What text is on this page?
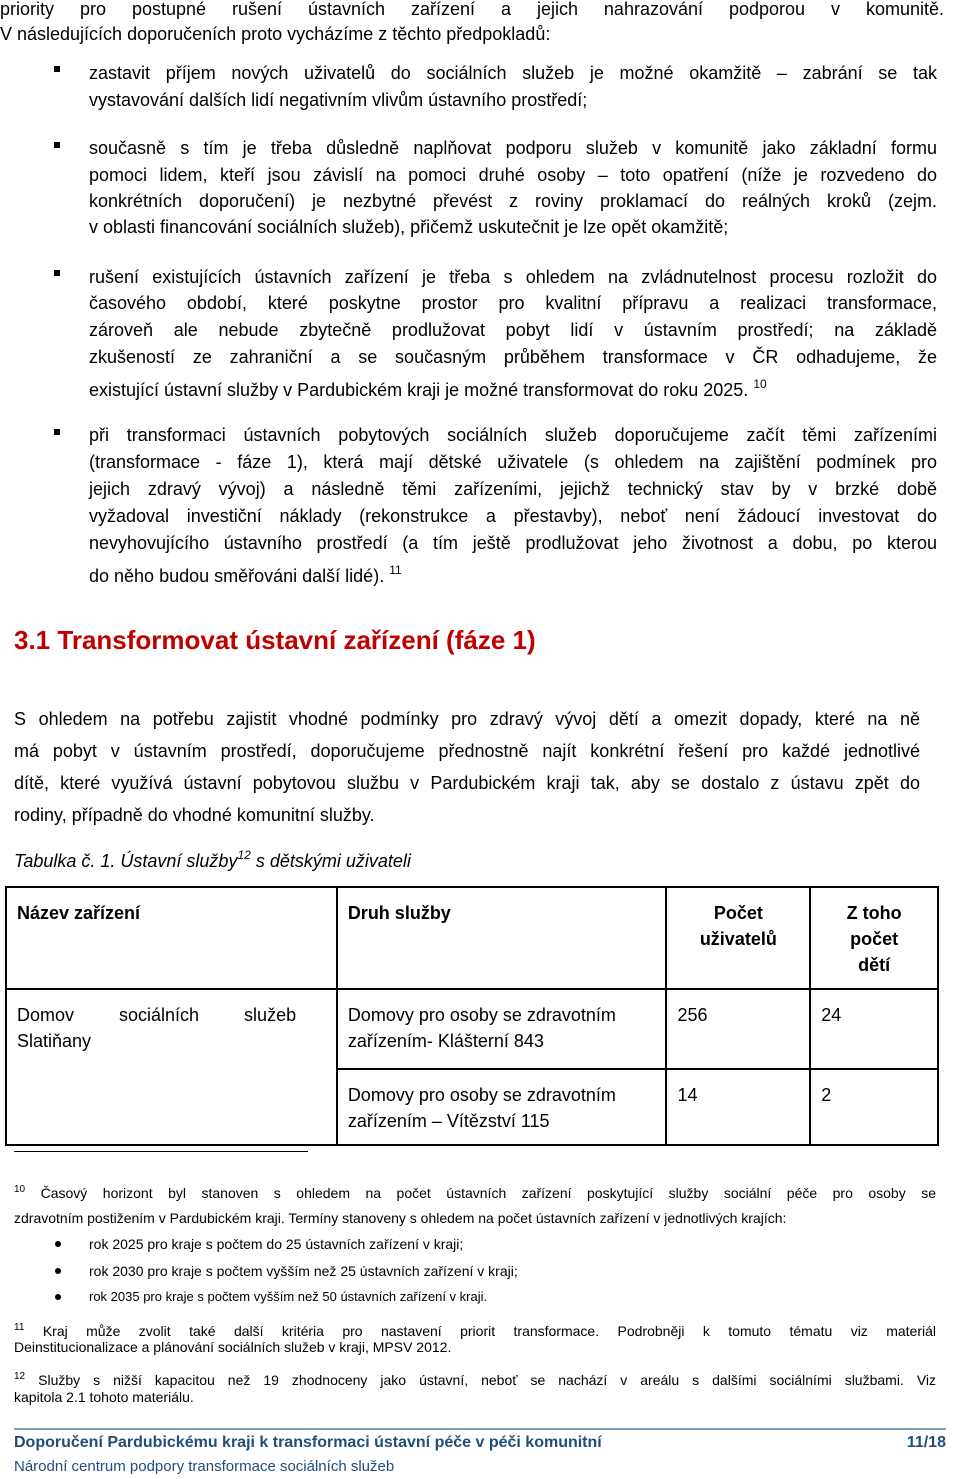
priority pro postupné rušení ústavních zařízení a jejich nahrazování podporou v komunitě.
V následujících doporučeních proto vycházíme z těchto předpokladů:
zastavit příjem nových uživatelů do sociálních služeb je možné okamžitě – zabrání se tak
vystavování dalších lidí negativním vlivům ústavního prostředí;
současně s tím je třeba důsledně naplňovat podporu služeb v komunitě jako základní formu
pomoci lidem, kteří jsou závislí na pomoci druhé osoby – toto opatření (níže je rozvedeno do
konkrétních doporučení) je nezbytné převést z roviny proklamací do reálných kroků (zejm.
v oblasti financování sociálních služeb), přičemž uskutečnit je lze opět okamžitě;
rušení existujících ústavních zařízení je třeba s ohledem na zvládnutelnost procesu rozložit do
časového období, které poskytne prostor pro kvalitní přípravu a realizaci transformace,
zároveň ale nebude zbytečně prodlužovat pobyt lidí v ústavním prostředí; na základě
zkušeností ze zahraniční a se současným průběhem transformace v ČR odhadujeme, že
existující ústavní služby v Pardubickém kraji je možné transformovat do roku 2025. $^{10}$
při transformaci ústavních pobytových sociálních služeb doporučujeme začít těmi zařízeními
(transformace - fáze 1), která mají dětské uživatele (s ohledem na zajištění podmínek pro
jejich zdravý vývoj) a následně těmi zařízeními, jejichž technický stav by v brzké době
vyžadoval investiční náklady (rekonstrukce a přestavby), neboť není žádoucí investovat do
nevyhovujícího ústavního prostředí (a tím ještě prodlužovat jeho životnost a dobu, po kterou
do něho budou směřováni další lidé). $^{11}$
3.1 Transformovat ústavní zařízení (fáze 1)
S ohledem na potřebu zajistit vhodné podmínky pro zdravý vývoj dětí a omezit dopady, které na ně
má pobyt v ústavním prostředí, doporučujeme přednostně najít konkrétní řešení pro každé jednotlivé
dítě, které využívá ústavní pobytovou službu v Pardubickém kraji tak, aby se dostalo z ústavu zpět do
rodiny, případně do vhodné komunitní služby.
Tabulka č. 1. Ústavní služby$^{12}$ s dětskými uživateli
Název zařízení	Druh služby	Počet uživatelů	Z toho počet dětí

Domov sociálních služeb
Slatiňany	Domovy pro osoby se zdravotním zařízením- Klášterní 843	256	24
	Domovy pro osoby se zdravotním zařízením – Vítězství 115	14	2
$^{10}$ Časový horizont byl stanoven s ohledem na počet ústavních zařízení poskytující služby sociální péče pro osoby se
zdravotním postižením v Pardubickém kraji. Termíny stanoveny s ohledem na počet ústavních zařízení v jednotlivých krajích:
rok 2025 pro kraje s počtem do 25 ústavních zařízení v kraji;
rok 2030 pro kraje s počtem vyšším než 25 ústavních zařízení v kraji;
rok 2035 pro kraje s počtem vyšším než 50 ústavních zařízení v kraji.
$^{11}$ Kraj může zvolit také další kritéria pro nastavení priorit transformace. Podrobněji k tomuto tématu viz materiál
Deinstitucionalizace a plánování sociálních služeb v kraji, MPSV 2012.
$^{12}$ Služby s nižší kapacitou než 19 zhodnoceny jako ústavní, neboť se nachází v areálu s dalšími sociálními službami. Viz
kapitola 2.1 tohoto materiálu.
Doporučení Pardubickému kraji k transformaci ústavní péče v péči komunitní	11/18
Národní centrum podpory transformace sociálních služeb
